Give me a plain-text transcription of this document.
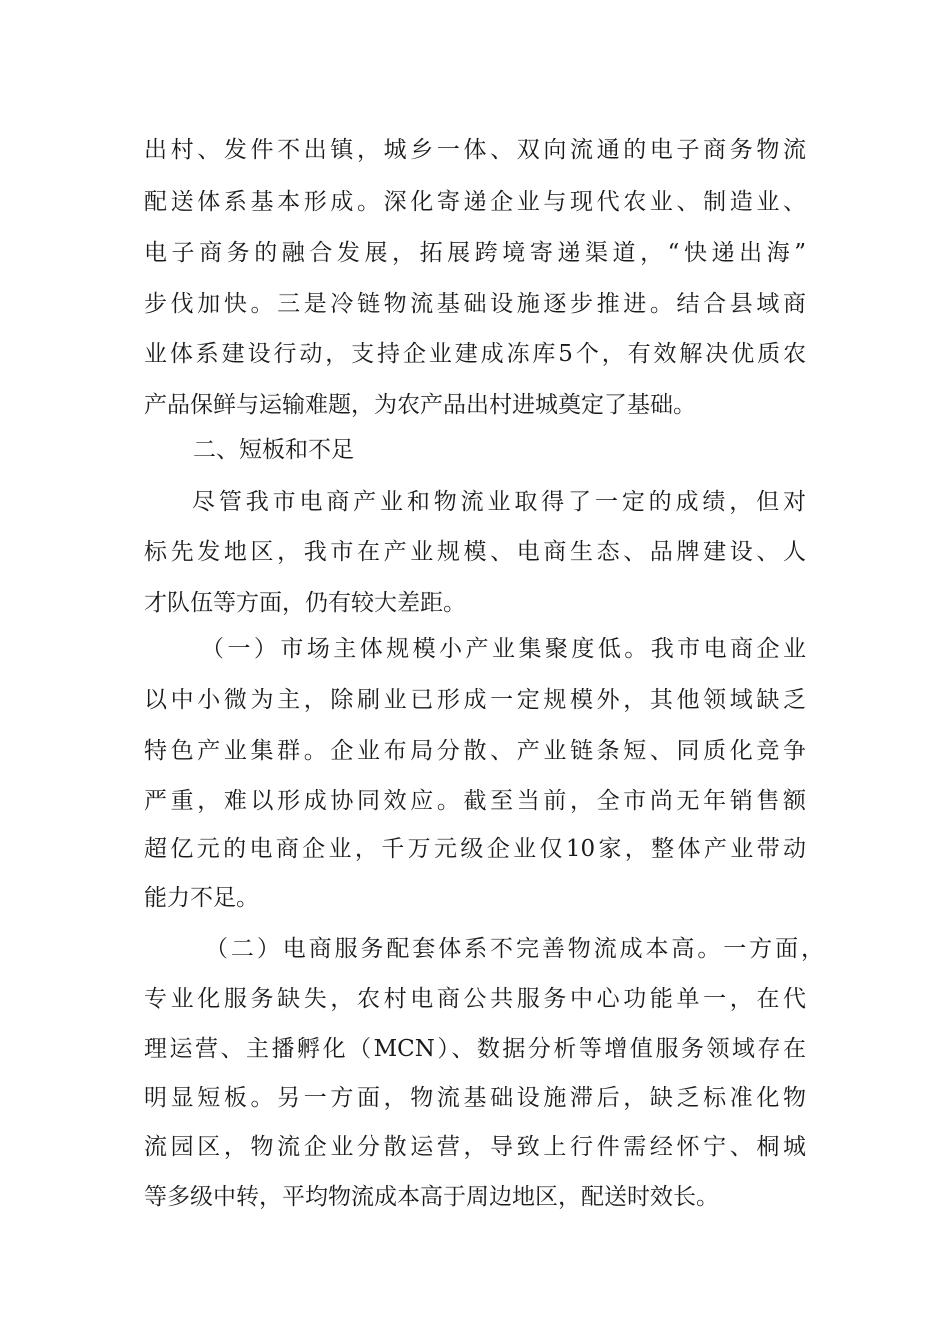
出村、发件不出镇，城乡一体、双向流通的电子商务物流
配送体系基本形成。深化寄递企业与现代农业、制造业、
电子商务的融合发展，拓展跨境寄递渠道，“快递出海”
步伐加快。三是冷链物流基础设施逐步推进。结合县域商
业体系建设行动，支持企业建成冻库5个，有效解决优质农
产品保鲜与运输难题，为农产品出村进城奠定了基础。
二、短板和不足
尽管我市电商产业和物流业取得了一定的成绩，但对
标先发地区，我市在产业规模、电商生态、品牌建设、人
才队伍等方面，仍有较大差距。
（一）市场主体规模小产业集聚度低。我市电商企业
以中小微为主，除刷业已形成一定规模外，其他领域缺乏
特色产业集群。企业布局分散、产业链条短、同质化竞争
严重，难以形成协同效应。截至当前，全市尚无年销售额
超亿元的电商企业，千万元级企业仅10家，整体产业带动
能力不足。
（二）电商服务配套体系不完善物流成本高。一方面，
专业化服务缺失，农村电商公共服务中心功能单一，在代
理运营、主播孵化（MCN）、数据分析等增值服务领域存在
明显短板。另一方面，物流基础设施滞后，缺乏标准化物
流园区，物流企业分散运营，导致上行件需经怀宁、桐城
等多级中转，平均物流成本高于周边地区，配送时效长。
